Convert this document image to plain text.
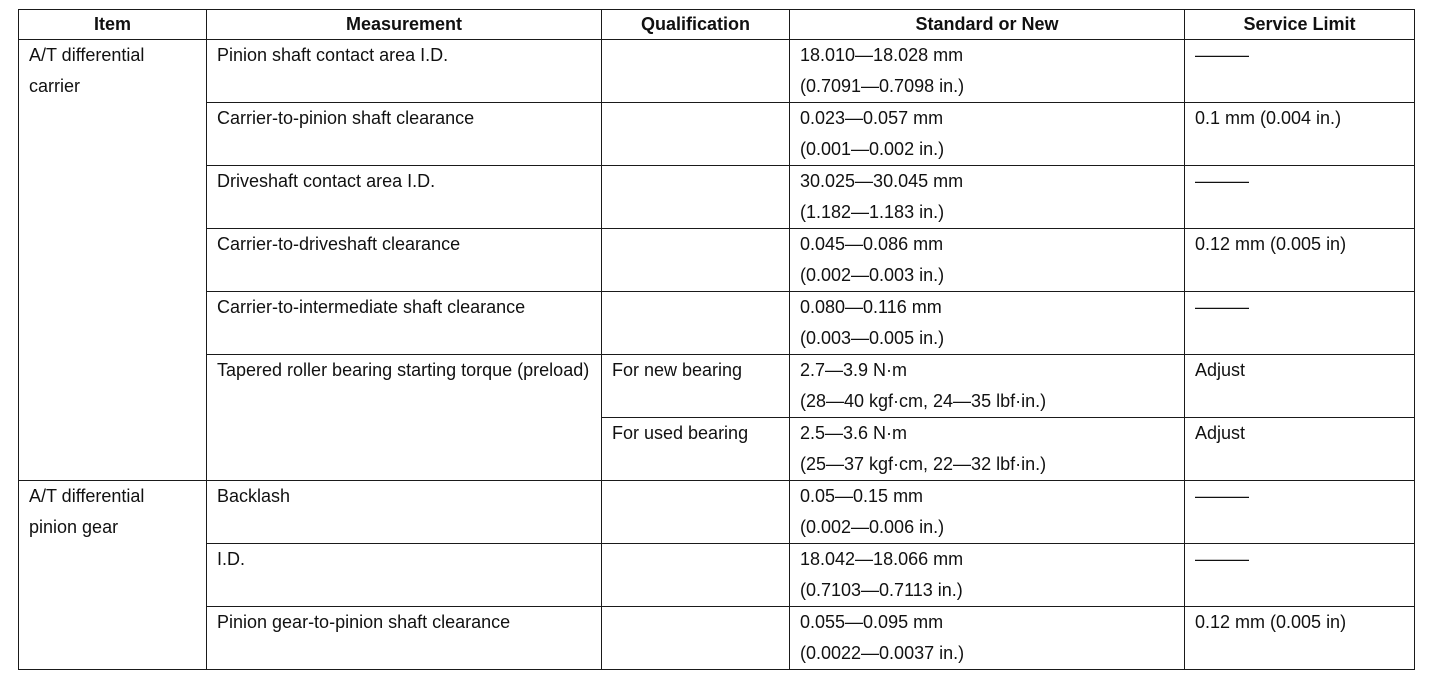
Item	Measurement	Qualification	Standard or New	Service Limit
A/T differential carrier	Pinion shaft contact area I.D.		18.010—18.028 mm
(0.7091—0.7098 in.)	———
	Carrier-to-pinion shaft clearance		0.023—0.057 mm
(0.001—0.002 in.)	0.1 mm (0.004 in.)
	Driveshaft contact area I.D.		30.025—30.045 mm
(1.182—1.183 in.)	———
	Carrier-to-driveshaft clearance		0.045—0.086 mm
(0.002—0.003 in.)	0.12 mm (0.005 in)
	Carrier-to-intermediate shaft clearance		0.080—0.116 mm
(0.003—0.005 in.)	———
	Tapered roller bearing starting torque (preload)	For new bearing	2.7—3.9 N·m
(28—40 kgf·cm, 24—35 lbf·in.)	Adjust
		For used bearing	2.5—3.6 N·m
(25—37 kgf·cm, 22—32 lbf·in.)	Adjust
A/T differential pinion gear	Backlash		0.05—0.15 mm
(0.002—0.006 in.)	———
	I.D.		18.042—18.066 mm
(0.7103—0.7113 in.)	———
	Pinion gear-to-pinion shaft clearance		0.055—0.095 mm
(0.0022—0.0037 in.)	0.12 mm (0.005 in)
